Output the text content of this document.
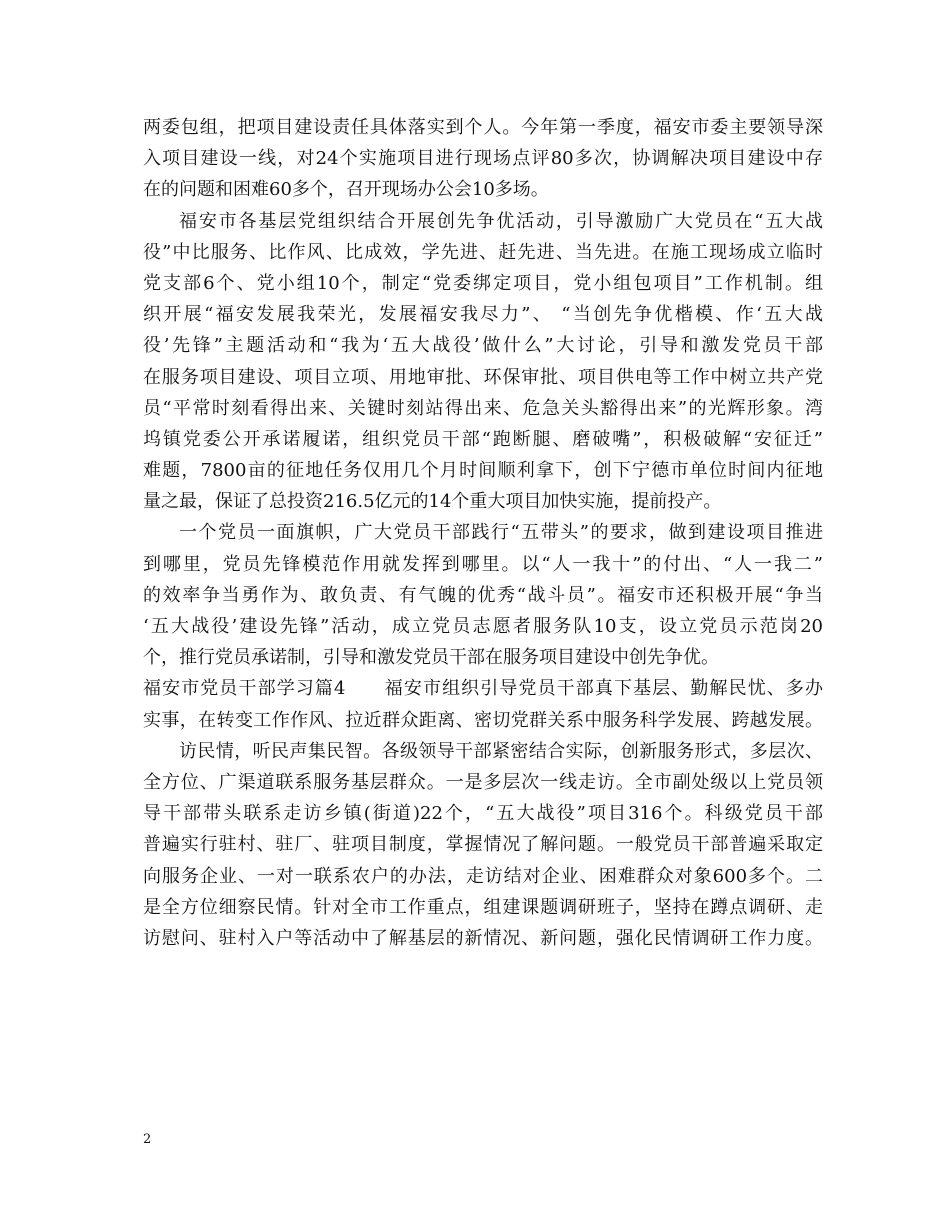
两委包组，把项目建设责任具体落实到个人。今年第一季度，福安市委主要领导深
入项目建设一线，对24个实施项目进行现场点评80多次，协调解决项目建设中存
在的问题和困难60多个，召开现场办公会10多场。
福安市各基层党组织结合开展创先争优活动，引导激励广大党员在“五大战
役”中比服务、比作风、比成效，学先进、赶先进、当先进。在施工现场成立临时
党支部6个、党小组10个，制定“党委绑定项目，党小组包项目”工作机制。组
织开展“福安发展我荣光，发展福安我尽力”、 “当创先争优楷模、作‘五大战
役’先锋”主题活动和“我为‘五大战役’做什么”大讨论，引导和激发党员干部
在服务项目建设、项目立项、用地审批、环保审批、项目供电等工作中树立共产党
员“平常时刻看得出来、关键时刻站得出来、危急关头豁得出来”的光辉形象。湾
坞镇党委公开承诺履诺，组织党员干部“跑断腿、磨破嘴”，积极破解“安征迁”
难题，7800亩的征地任务仅用几个月时间顺利拿下，创下宁德市单位时间内征地
量之最，保证了总投资216.5亿元的14个重大项目加快实施，提前投产。
一个党员一面旗帜，广大党员干部践行“五带头”的要求，做到建设项目推进
到哪里，党员先锋模范作用就发挥到哪里。以“人一我十”的付出、“人一我二”
的效率争当勇作为、敢负责、有气魄的优秀“战斗员”。福安市还积极开展“争当
‘五大战役’建设先锋”活动，成立党员志愿者服务队10支，设立党员示范岗20
个，推行党员承诺制，引导和激发党员干部在服务项目建设中创先争优。
福安市党员干部学习篇4　　福安市组织引导党员干部真下基层、勤解民忧、多办
实事，在转变工作作风、拉近群众距离、密切党群关系中服务科学发展、跨越发展。
访民情，听民声集民智。各级领导干部紧密结合实际，创新服务形式，多层次、
全方位、广渠道联系服务基层群众。一是多层次一线走访。全市副处级以上党员领
导干部带头联系走访乡镇(街道)22个，“五大战役”项目316个。科级党员干部
普遍实行驻村、驻厂、驻项目制度，掌握情况了解问题。一般党员干部普遍采取定
向服务企业、一对一联系农户的办法，走访结对企业、困难群众对象600多个。二
是全方位细察民情。针对全市工作重点，组建课题调研班子，坚持在蹲点调研、走
访慰问、驻村入户等活动中了解基层的新情况、新问题，强化民情调研工作力度。
2
